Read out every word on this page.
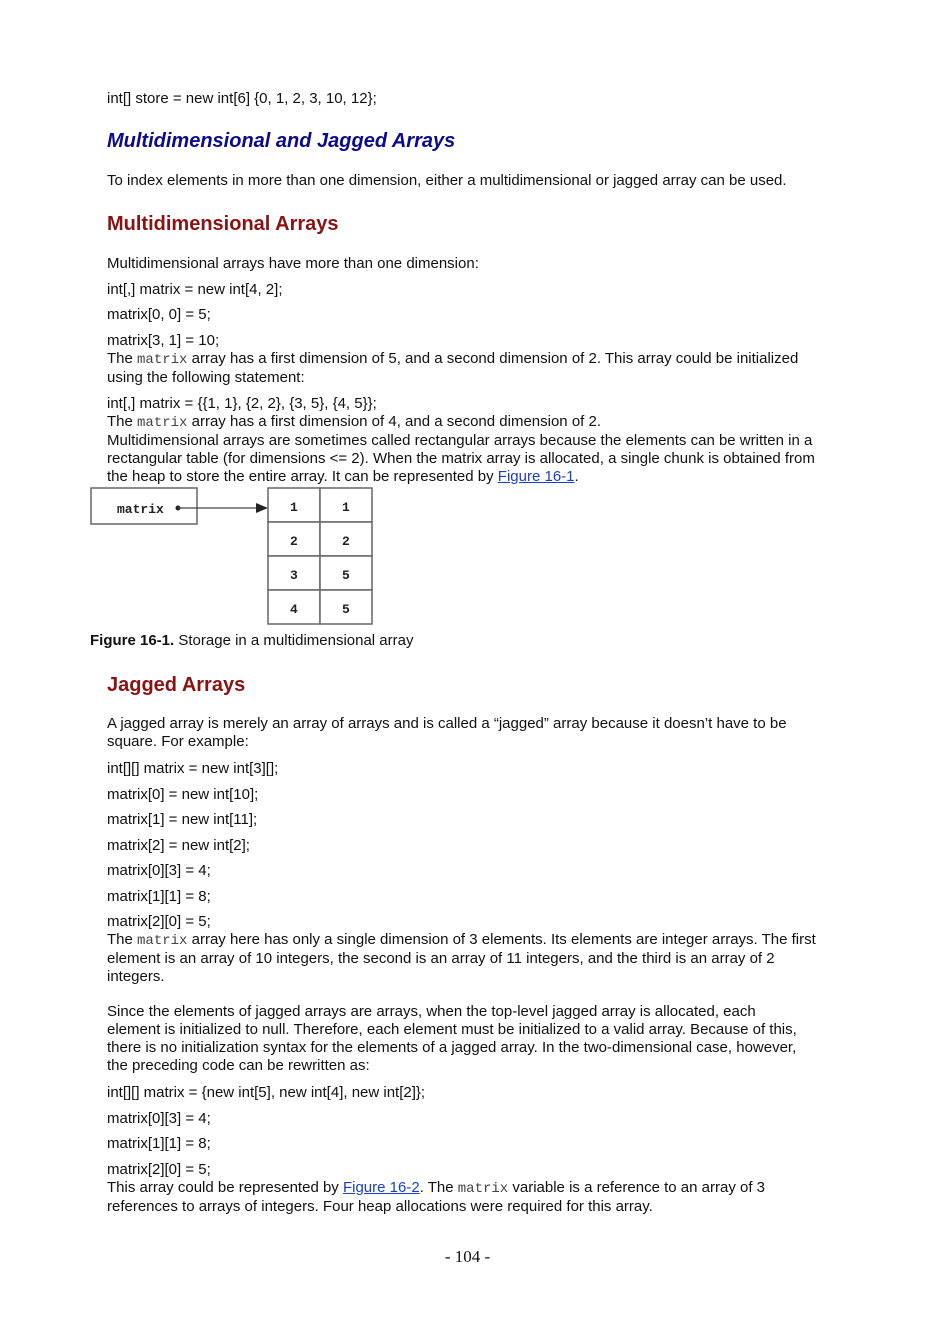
int[] store = new int[6] {0, 1, 2, 3, 10, 12};
Multidimensional and Jagged Arrays
To index elements in more than one dimension, either a multidimensional or jagged array can be used.
Multidimensional Arrays
Multidimensional arrays have more than one dimension:
int[,] matrix = new int[4, 2];
matrix[0, 0] = 5;
matrix[3, 1] = 10;
The matrix array has a first dimension of 5, and a second dimension of 2. This array could be initialized using the following statement:
int[,] matrix = {{1, 1}, {2, 2}, {3, 5}, {4, 5}};
The matrix array has a first dimension of 4, and a second dimension of 2.
Multidimensional arrays are sometimes called rectangular arrays because the elements can be written in a rectangular table (for dimensions <= 2). When the matrix array is allocated, a single chunk is obtained from the heap to store the entire array. It can be represented by Figure 16-1.
matrix	1	1
2	2
3	5
4	5
Figure 16-1. Storage in a multidimensional array
Jagged Arrays
A jagged array is merely an array of arrays and is called a “jagged” array because it doesn’t have to be square. For example:
int[][] matrix = new int[3][];
matrix[0] = new int[10];
matrix[1] = new int[11];
matrix[2] = new int[2];
matrix[0][3] = 4;
matrix[1][1] = 8;
matrix[2][0] = 5;
The matrix array here has only a single dimension of 3 elements. Its elements are integer arrays. The first element is an array of 10 integers, the second is an array of 11 integers, and the third is an array of 2 integers.
Since the elements of jagged arrays are arrays, when the top-level jagged array is allocated, each element is initialized to null. Therefore, each element must be initialized to a valid array. Because of this, there is no initialization syntax for the elements of a jagged array. In the two-dimensional case, however, the preceding code can be rewritten as:
int[][] matrix = {new int[5], new int[4], new int[2]};
matrix[0][3] = 4;
matrix[1][1] = 8;
matrix[2][0] = 5;
This array could be represented by Figure 16-2. The matrix variable is a reference to an array of 3 references to arrays of integers. Four heap allocations were required for this array.
- 104 -
